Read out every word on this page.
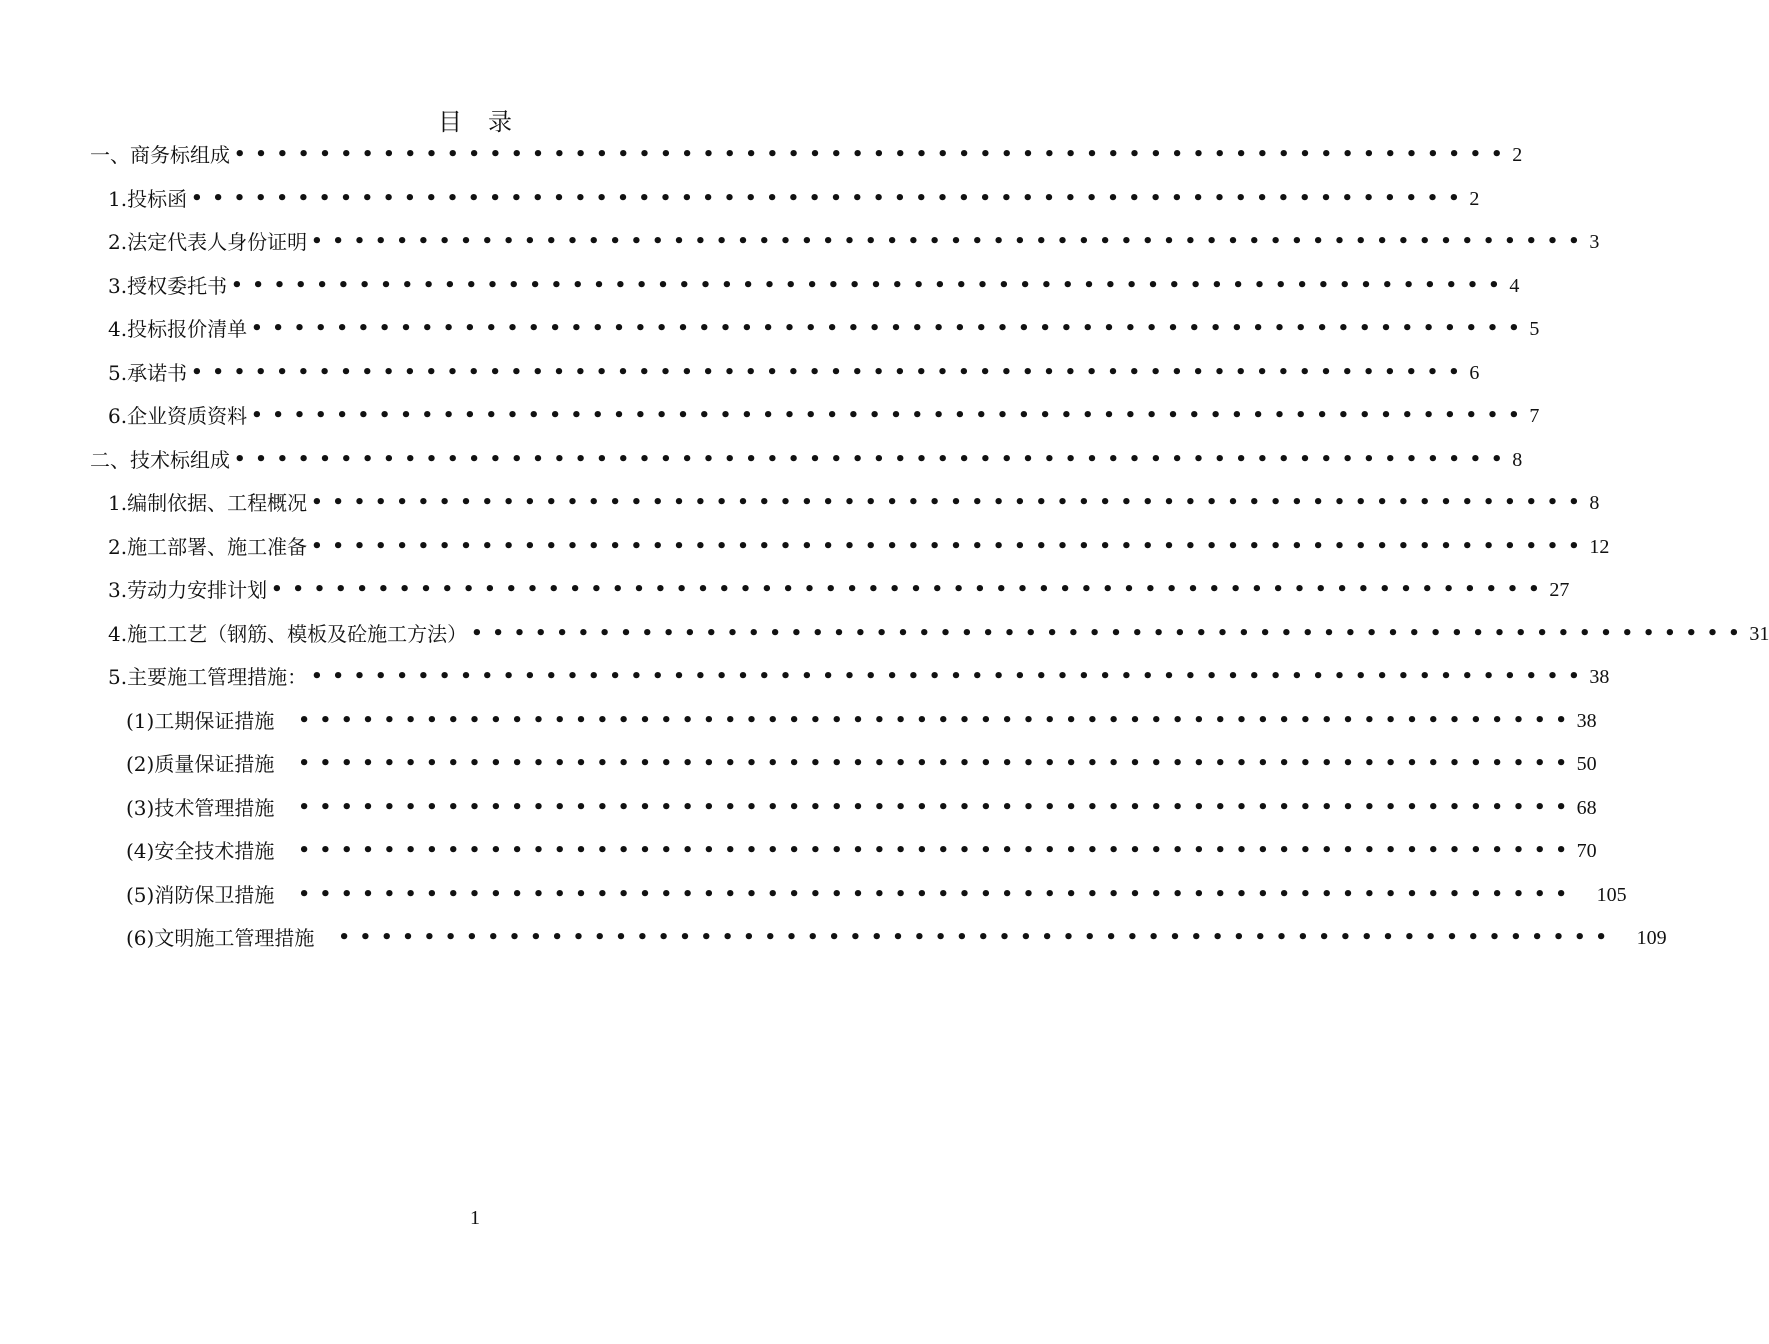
目 录
一、商务标组成 •••••••••••••••••••••••••••••••••••••••••••••••••••••••••••• 2
1.投标函 •••••••••••••••••••••••••••••••••••••••••••••••••••••••••••• 2
2.法定代表人身份证明 •••••••••••••••••••••••••••••••••••••••••••••••••••••••••••• 3
3.授权委托书 •••••••••••••••••••••••••••••••••••••••••••••••••••••••••••• 4
4.投标报价清单 •••••••••••••••••••••••••••••••••••••••••••••••••••••••••••• 5
5.承诺书 •••••••••••••••••••••••••••••••••••••••••••••••••••••••••••• 6
6.企业资质资料 •••••••••••••••••••••••••••••••••••••••••••••••••••••••••••• 7
二、技术标组成 •••••••••••••••••••••••••••••••••••••••••••••••••••••••••••• 8
1.编制依据、工程概况 •••••••••••••••••••••••••••••••••••••••••••••••••••••••••••• 8
2.施工部署、施工准备 •••••••••••••••••••••••••••••••••••••••••••••••••••••••••••• 12
3.劳动力安排计划 •••••••••••••••••••••••••••••••••••••••••••••••••••••••••••• 27
4.施工工艺（钢筋、模板及砼施工方法） •••••••••••••••••••••••••••••••••••••••••••••••••••••••••••• 31
5.主要施工管理措施： •••••••••••••••••••••••••••••••••••••••••••••••••••••••••••• 38
(1)工期保证措施	•••••••••••••••••••••••••••••••••••••••••••••••••••••••••••• 38
(2)质量保证措施	•••••••••••••••••••••••••••••••••••••••••••••••••••••••••••• 50
(3)技术管理措施	•••••••••••••••••••••••••••••••••••••••••••••••••••••••••••• 68
(4)安全技术措施	•••••••••••••••••••••••••••••••••••••••••••••••••••••••••••• 70
(5)消防保卫措施	••••••••••••••••••••••••••••••••••••••••••••••••••••••••••••	105
(6)文明施工管理措施	••••••••••••••••••••••••••••••••••••••••••••••••••••••••••••	109
1
